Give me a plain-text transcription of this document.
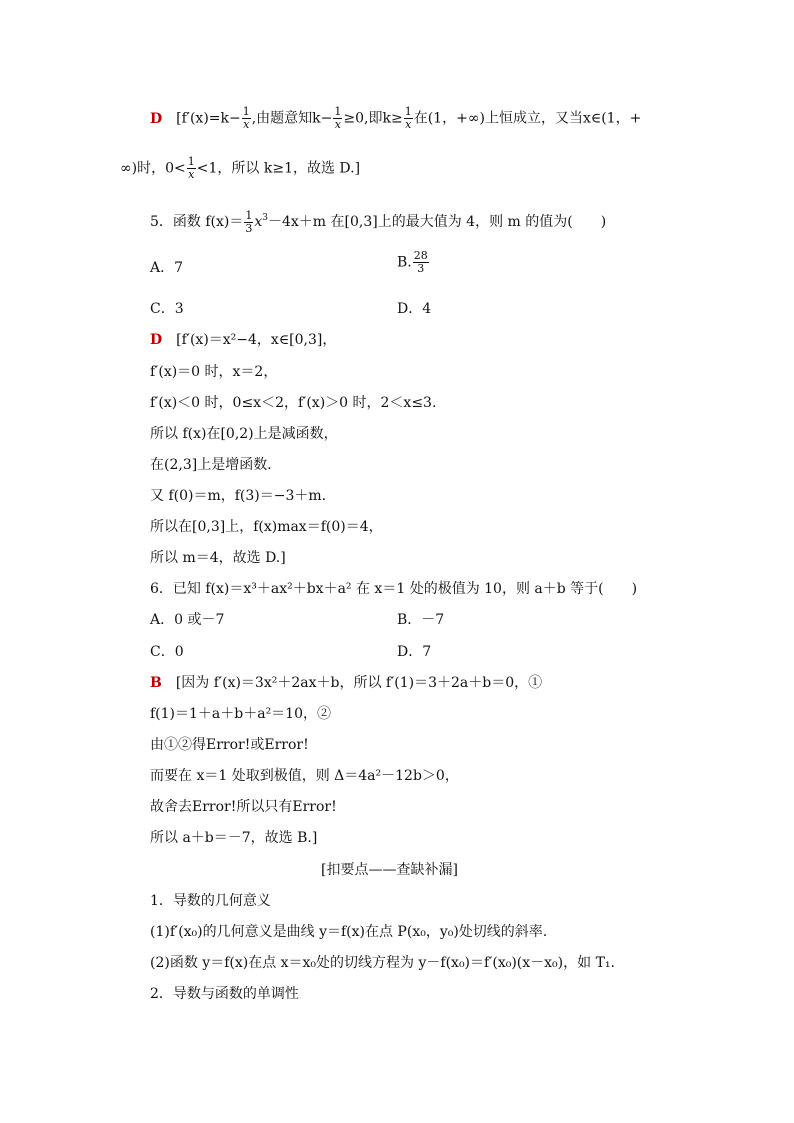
D [$f'(x)=k- \frac{1}{x}$ ,由题意知$k- \frac{1}{x} \ge 0$,即$k\ge \frac{1}{x}$ 在(1，+∞)上恒成立，又当x∈(1，+
∞)时，$0< \frac{1}{x} <1$，所以 k≥1，故选 D.]
5．函数 $f(x)= \frac{1}{3} x^3-4x+m$ 在[0,3]上的最大值为 4，则 m 的值为(　　)
A．7	B. $\frac{28}{3}$
C．3	D．4
D [f′(x)＝x²−4，x∈[0,3]，
f′(x)＝0 时，x＝2，
f′(x)＜0 时，0≤x＜2，f′(x)＞0 时，2＜x≤3.
所以 f(x)在[0,2)上是减函数，
在(2,3]上是增函数．
又 f(0)＝m，f(3)＝−3＋m.
所以在[0,3]上，f(x)max＝f(0)＝4，
所以 m＝4，故选 D.]
6．已知 f(x)＝x³＋ax²＋bx＋a² 在 x＝1 处的极值为 10，则 a＋b 等于(　　)
A．0 或－7	B．－7
C．0	D．7
B [因为 f′(x)＝3x²＋2ax＋b，所以 f′(1)＝3＋2a＋b＝0，①
f(1)＝1＋a＋b＋a²＝10，②
由①②得Error!或Error!
而要在 x＝1 处取到极值，则 Δ＝4a²－12b＞0，
故舍去Error!所以只有Error!
所以 a＋b＝－7，故选 B.]
[扣要点——查缺补漏]
1．导数的几何意义
(1)f′(x₀)的几何意义是曲线 y＝f(x)在点 P(x₀，y₀)处切线的斜率.
(2)函数 y＝f(x)在点 x＝x₀处的切线方程为 y－f(x₀)＝f′(x₀)(x－x₀)，如 T₁.
2．导数与函数的单调性
